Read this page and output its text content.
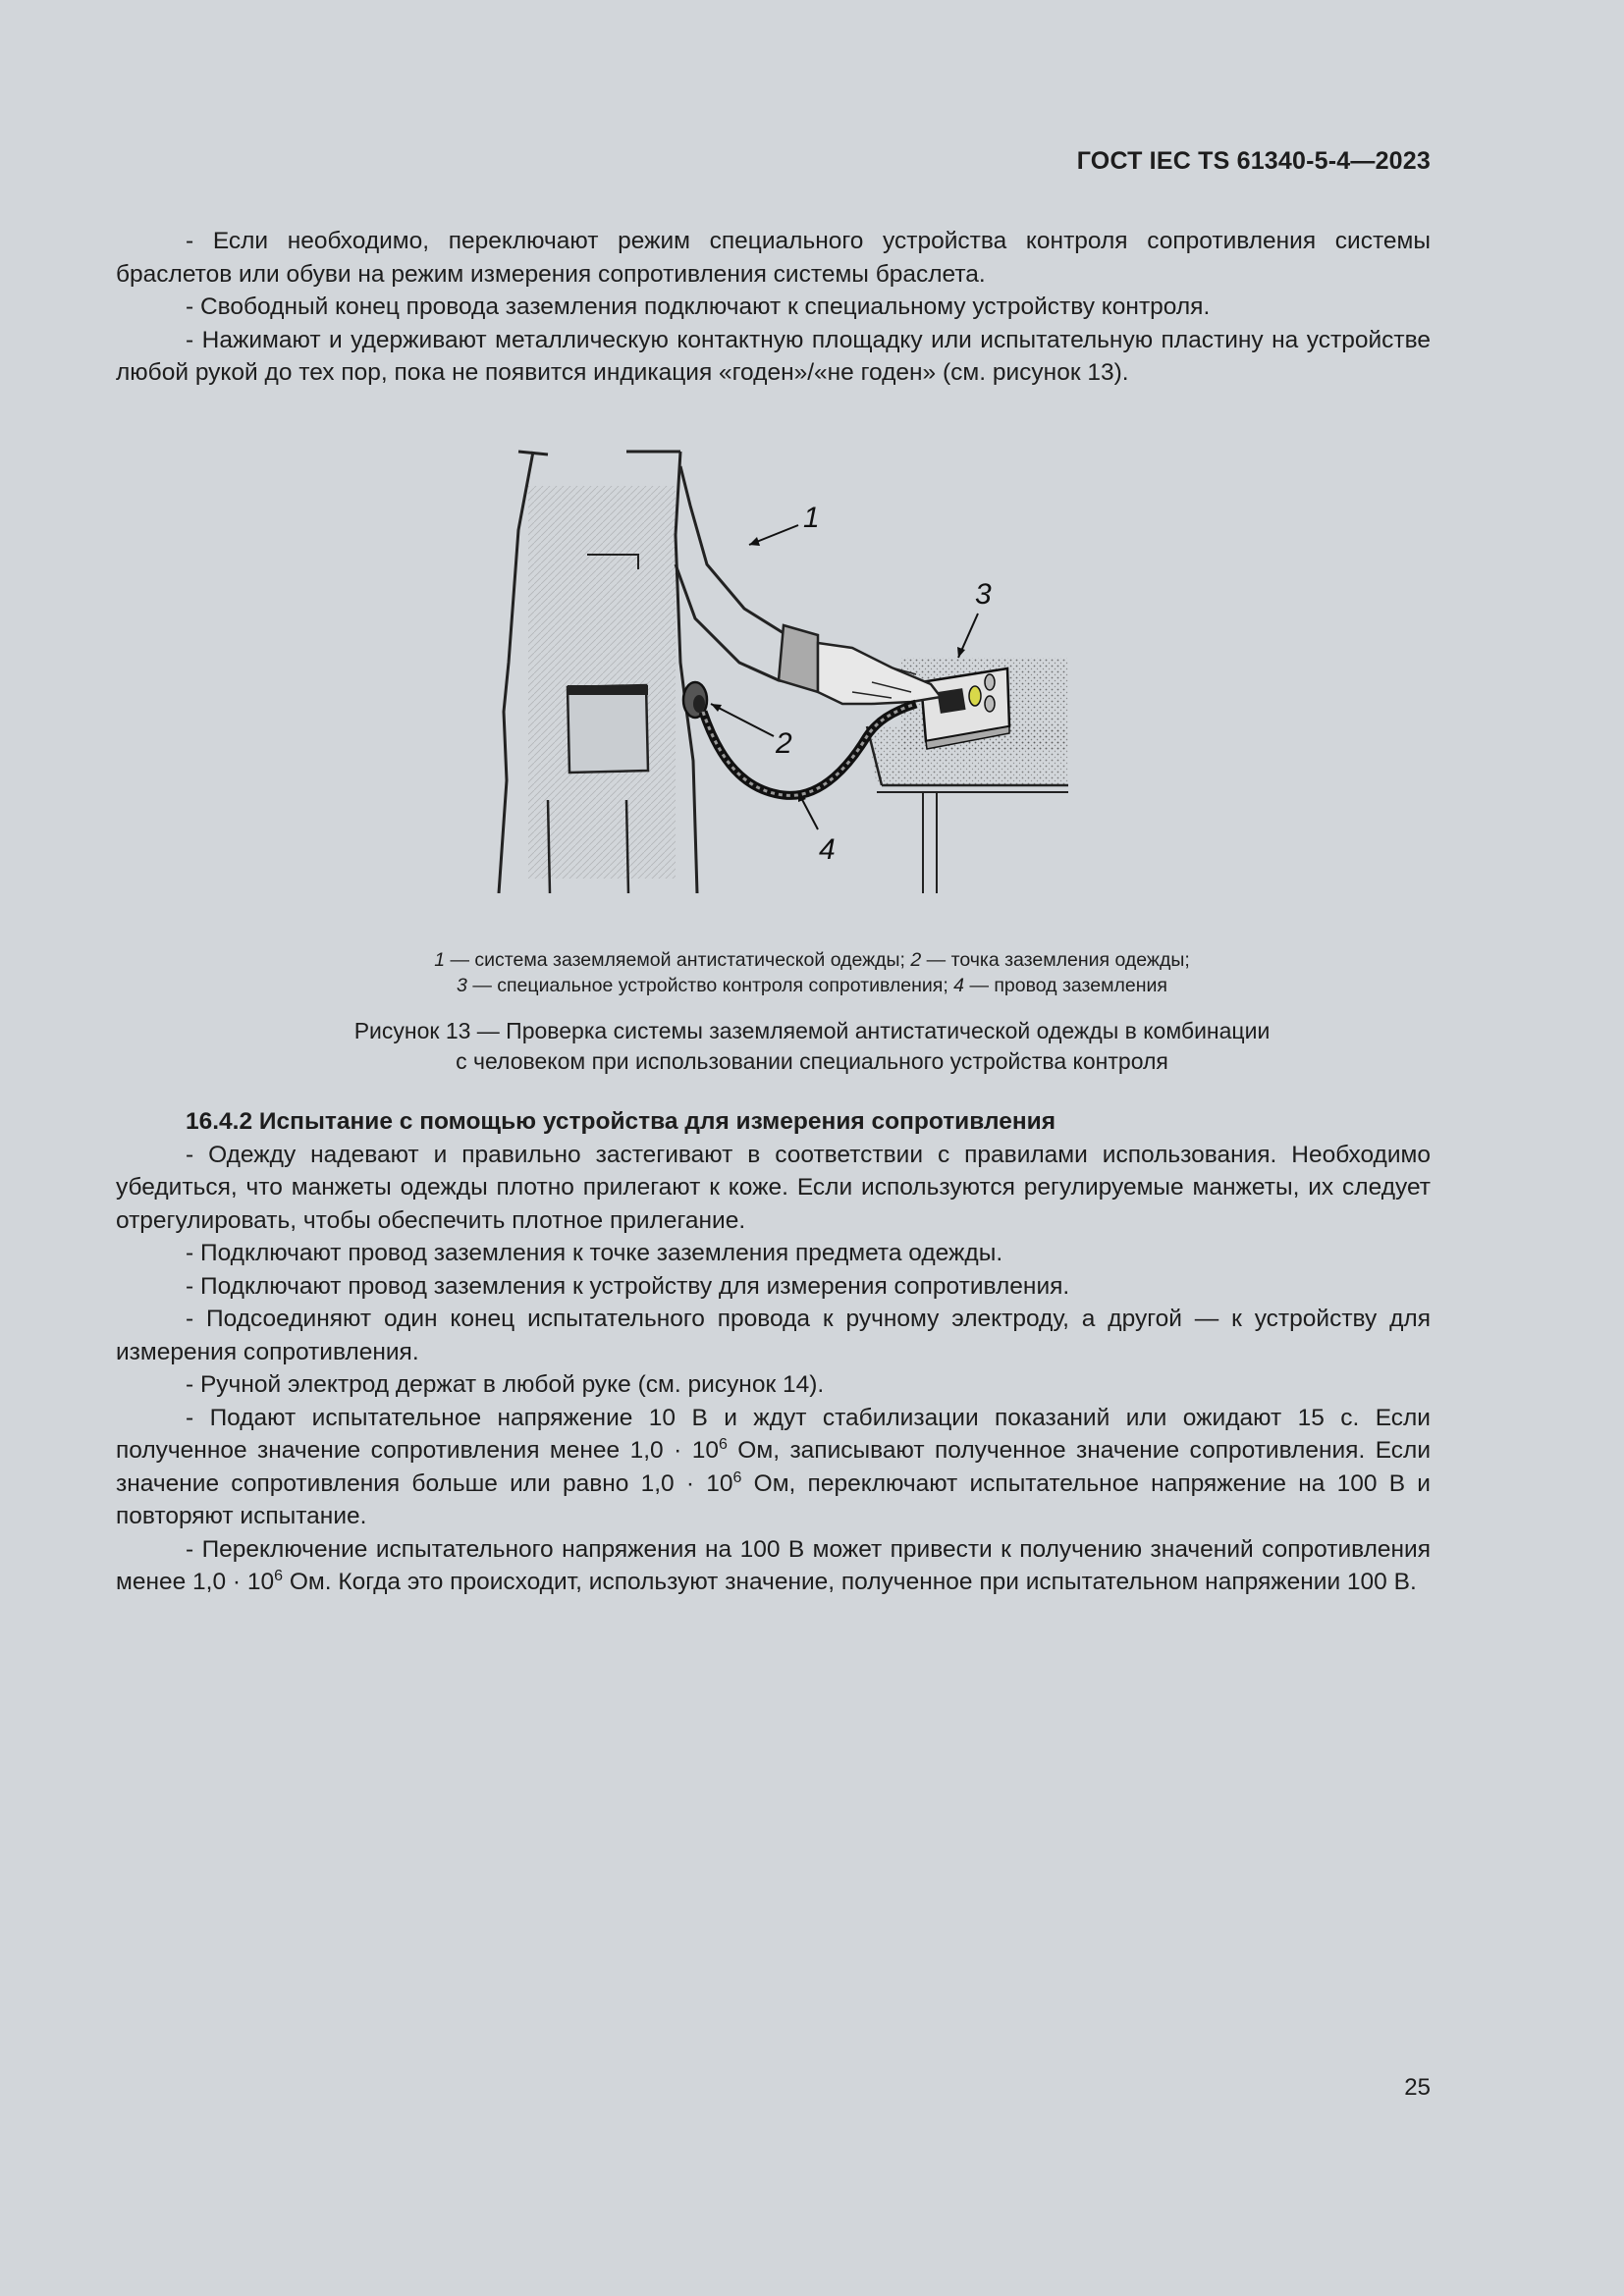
ГОСТ IEC TS 61340-5-4—2023

- Если необходимо, переключают режим специального устройства контроля сопротивления системы браслетов или обуви на режим измерения сопротивления системы браслета.

- Свободный конец провода заземления подключают к специальному устройству контроля.

- Нажимают и удерживают металлическую контактную площадку или испытательную пластину на устройстве любой рукой до тех пор, пока не появится индикация «годен»/«не годен» (см. рисунок 13).

1
3
2
4
1 — система заземляемой антистатической одежды; 2 — точка заземления одежды;
3 — специальное устройство контроля сопротивления; 4 — провод заземления
Рисунок 13 — Проверка системы заземляемой антистатической одежды в комбинации
с человеком при использовании специального устройства контроля

16.4.2 Испытание с помощью устройства для измерения сопротивления

- Одежду надевают и правильно застегивают в соответствии с правилами использования. Необходимо убедиться, что манжеты одежды плотно прилегают к коже. Если используются регулируемые манжеты, их следует отрегулировать, чтобы обеспечить плотное прилегание.

- Подключают провод заземления к точке заземления предмета одежды.

- Подключают провод заземления к устройству для измерения сопротивления.

- Подсоединяют один конец испытательного провода к ручному электроду, а другой — к устройству для измерения сопротивления.

- Ручной электрод держат в любой руке (см. рисунок 14).

- Подают испытательное напряжение 10 В и ждут стабилизации показаний или ожидают 15 с. Если полученное значение сопротивления менее $1,0 \cdot 10^6$ Ом, записывают полученное значение сопротивления. Если значение сопротивления больше или равно $1,0 \cdot 10^6$ Ом, переключают испытательное напряжение на 100 В и повторяют испытание.

- Переключение испытательного напряжения на 100 В может привести к получению значений сопротивления менее $1,0 \cdot 10^6$ Ом. Когда это происходит, используют значение, полученное при испытательном напряжении 100 В.

25
